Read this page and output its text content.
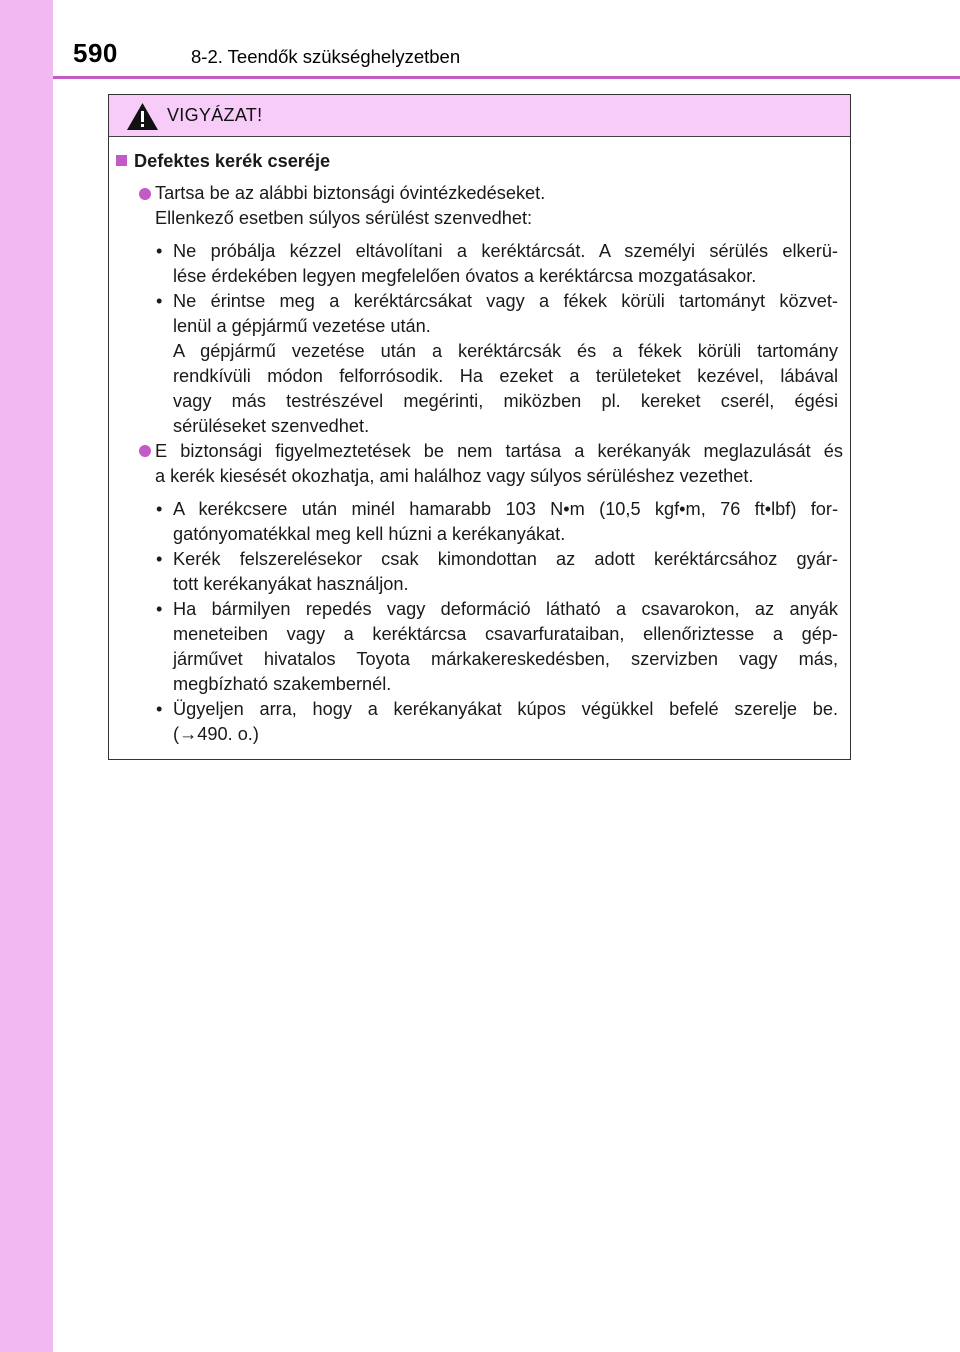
590	8-2. Teendők szükséghelyzetben
VIGYÁZAT!
Defektes kerék cseréje
Tartsa be az alábbi biztonsági óvintézkedéseket.
Ellenkező esetben súlyos sérülést szenvedhet:
• Ne próbálja kézzel eltávolítani a keréktárcsát. A személyi sérülés elkerü-
lése érdekében legyen megfelelően óvatos a keréktárcsa mozgatásakor.
• Ne érintse meg a keréktárcsákat vagy a fékek körüli tartományt közvet-
lenül a gépjármű vezetése után.
A gépjármű vezetése után a keréktárcsák és a fékek körüli tartomány
rendkívüli módon felforrósodik. Ha ezeket a területeket kezével, lábával
vagy más testrészével megérinti, miközben pl. kereket cserél, égési
sérüléseket szenvedhet.
E biztonsági figyelmeztetések be nem tartása a kerékanyák meglazulását és
a kerék kiesését okozhatja, ami halálhoz vagy súlyos sérüléshez vezethet.
• A kerékcsere után minél hamarabb 103 N•m (10,5 kgf•m, 76 ft•lbf) for-
gatónyomatékkal meg kell húzni a kerékanyákat.
• Kerék felszerelésekor csak kimondottan az adott keréktárcsához gyár-
tott kerékanyákat használjon.
• Ha bármilyen repedés vagy deformáció látható a csavarokon, az anyák
meneteiben vagy a keréktárcsa csavarfurataiban, ellenőriztesse a gép-
járművet hivatalos Toyota márkakereskedésben, szervizben vagy más,
megbízható szakembernél.
• Ügyeljen arra, hogy a kerékanyákat kúpos végükkel befelé szerelje be.
(→490. o.)
